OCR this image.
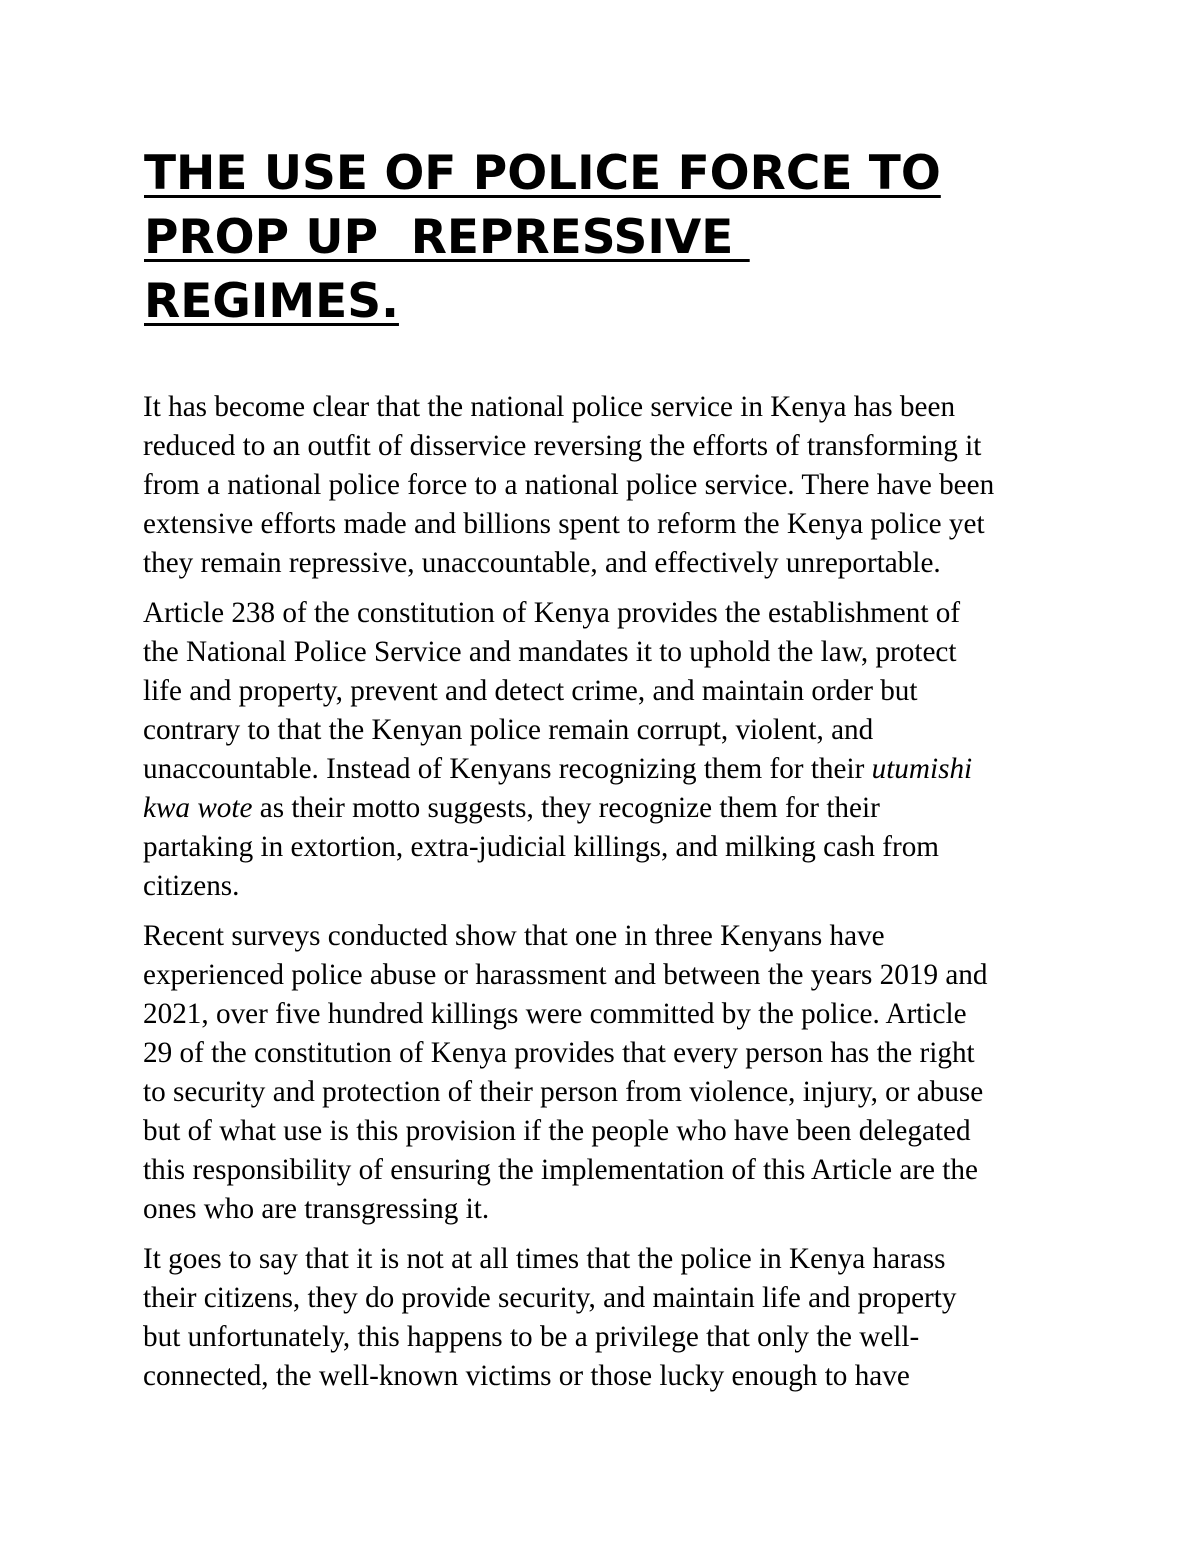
THE USE OF POLICE FORCE TO
PROP UP  REPRESSIVE
REGIMES.

It has become clear that the national police service in Kenya has been
reduced to an outfit of disservice reversing the efforts of transforming it
from a national police force to a national police service. There have been
extensive efforts made and billions spent to reform the Kenya police yet
they remain repressive, unaccountable, and effectively unreportable.

Article 238 of the constitution of Kenya provides the establishment of
the National Police Service and mandates it to uphold the law, protect
life and property, prevent and detect crime, and maintain order but
contrary to that the Kenyan police remain corrupt, violent, and
unaccountable. Instead of Kenyans recognizing them for their utumishi
kwa wote as their motto suggests, they recognize them for their
partaking in extortion, extra-judicial killings, and milking cash from
citizens.

Recent surveys conducted show that one in three Kenyans have
experienced police abuse or harassment and between the years 2019 and
2021, over five hundred killings were committed by the police. Article
29 of the constitution of Kenya provides that every person has the right
to security and protection of their person from violence, injury, or abuse
but of what use is this provision if the people who have been delegated
this responsibility of ensuring the implementation of this Article are the
ones who are transgressing it.

It goes to say that it is not at all times that the police in Kenya harass
their citizens, they do provide security, and maintain life and property
but unfortunately, this happens to be a privilege that only the well-
connected, the well-known victims or those lucky enough to have
